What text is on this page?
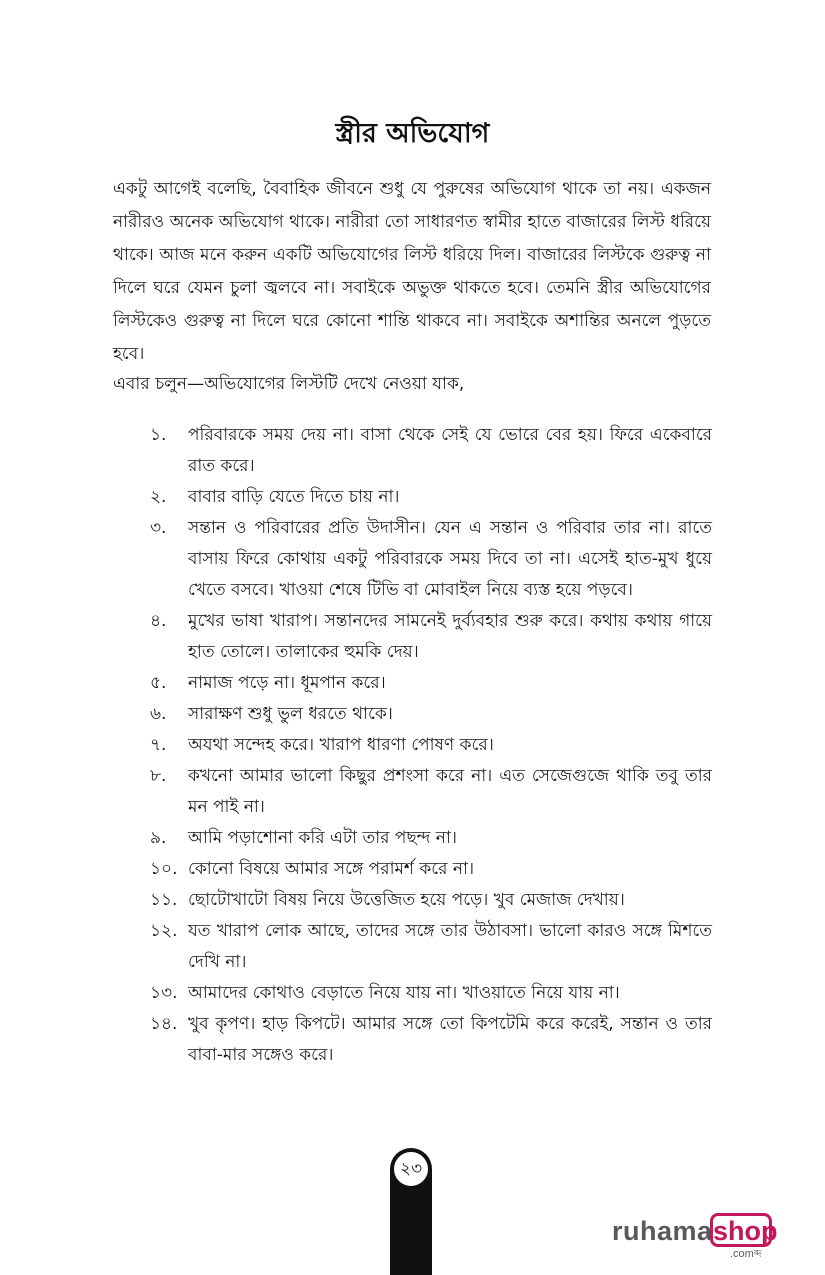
স্ত্রীর অভিযোগ

একটু আগেই বলেছি, বৈবাহিক জীবনে শুধু যে পুরুষের অভিযোগ থাকে তা নয়। একজন নারীরও অনেক অভিযোগ থাকে। নারীরা তো সাধারণত স্বামীর হাতে বাজারের লিস্ট ধরিয়ে থাকে। আজ মনে করুন একটি অভিযোগের লিস্ট ধরিয়ে দিল। বাজারের লিস্টকে গুরুত্ব না দিলে ঘরে যেমন চুলা জ্বলবে না। সবাইকে অভুক্ত থাকতে হবে। তেমনি স্ত্রীর অভিযোগের লিস্টকেও গুরুত্ব না দিলে ঘরে কোনো শান্তি থাকবে না। সবাইকে অশান্তির অনলে পুড়তে হবে।

এবার চলুন—অভিযোগের লিস্টটি দেখে নেওয়া যাক,

১.	পরিবারকে সময় দেয় না। বাসা থেকে সেই যে ভোরে বের হয়। ফিরে একেবারে রাত করে।
২.	বাবার বাড়ি যেতে দিতে চায় না।
৩.	সন্তান ও পরিবারের প্রতি উদাসীন। যেন এ সন্তান ও পরিবার তার না। রাতে বাসায় ফিরে কোথায় একটু পরিবারকে সময় দিবে তা না। এসেই হাত-মুখ ধুয়ে খেতে বসবে। খাওয়া শেষে টিভি বা মোবাইল নিয়ে ব্যস্ত হয়ে পড়বে।
৪.	মুখের ভাষা খারাপ। সন্তানদের সামনেই দুর্ব্যবহার শুরু করে। কথায় কথায় গায়ে হাত তোলে। তালাকের হুমকি দেয়।
৫.	নামাজ পড়ে না। ধূমপান করে।
৬.	সারাক্ষণ শুধু ভুল ধরতে থাকে।
৭.	অযথা সন্দেহ করে। খারাপ ধারণা পোষণ করে।
৮.	কখনো আমার ভালো কিছুর প্রশংসা করে না। এত সেজেগুজে থাকি তবু তার মন পাই না।
৯.	আমি পড়াশোনা করি এটা তার পছন্দ না।
১০. কোনো বিষয়ে আমার সঙ্গে পরামর্শ করে না।
১১. ছোটোখাটো বিষয় নিয়ে উত্তেজিত হয়ে পড়ে। খুব মেজাজ দেখায়।
১২. যত খারাপ লোক আছে, তাদের সঙ্গে তার উঠাবসা। ভালো কারও সঙ্গে মিশতে দেখি না।
১৩. আমাদের কোথাও বেড়াতে নিয়ে যায় না। খাওয়াতে নিয়ে যায় না।
১৪. খুব কৃপণ। হাড় কিপটে। আমার সঙ্গে তো কিপটেমি করে করেই, সন্তান ও তার বাবা-মার সঙ্গেও করে।
২৩
ruhama shop
.comব্দ
